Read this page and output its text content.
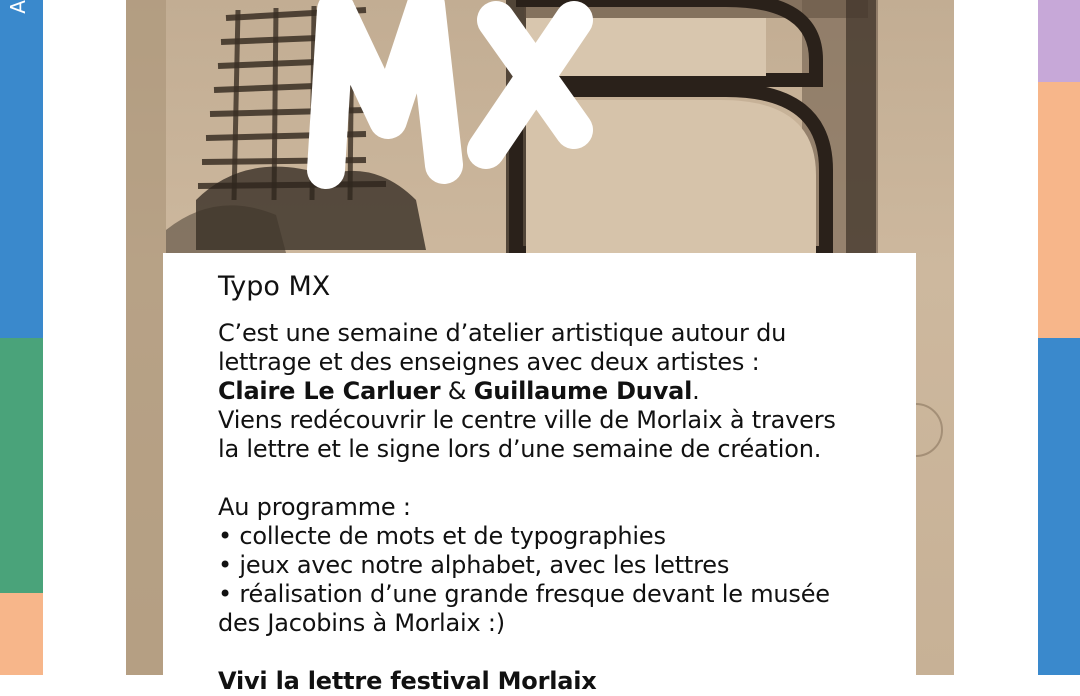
A
Typo MX

C’est une semaine d’atelier artistique autour du

lettrage et des enseignes avec deux artistes :

Claire Le Carluer & Guillaume Duval.

Viens redécouvrir le centre ville de Morlaix à travers

la lettre et le signe lors d’une semaine de création.

Au programme :

• collecte de mots et de typographies

• jeux avec notre alphabet, avec les lettres

• réalisation d’une grande fresque devant le musée

des Jacobins à Morlaix :)

Vivi la lettre festival Morlaix
